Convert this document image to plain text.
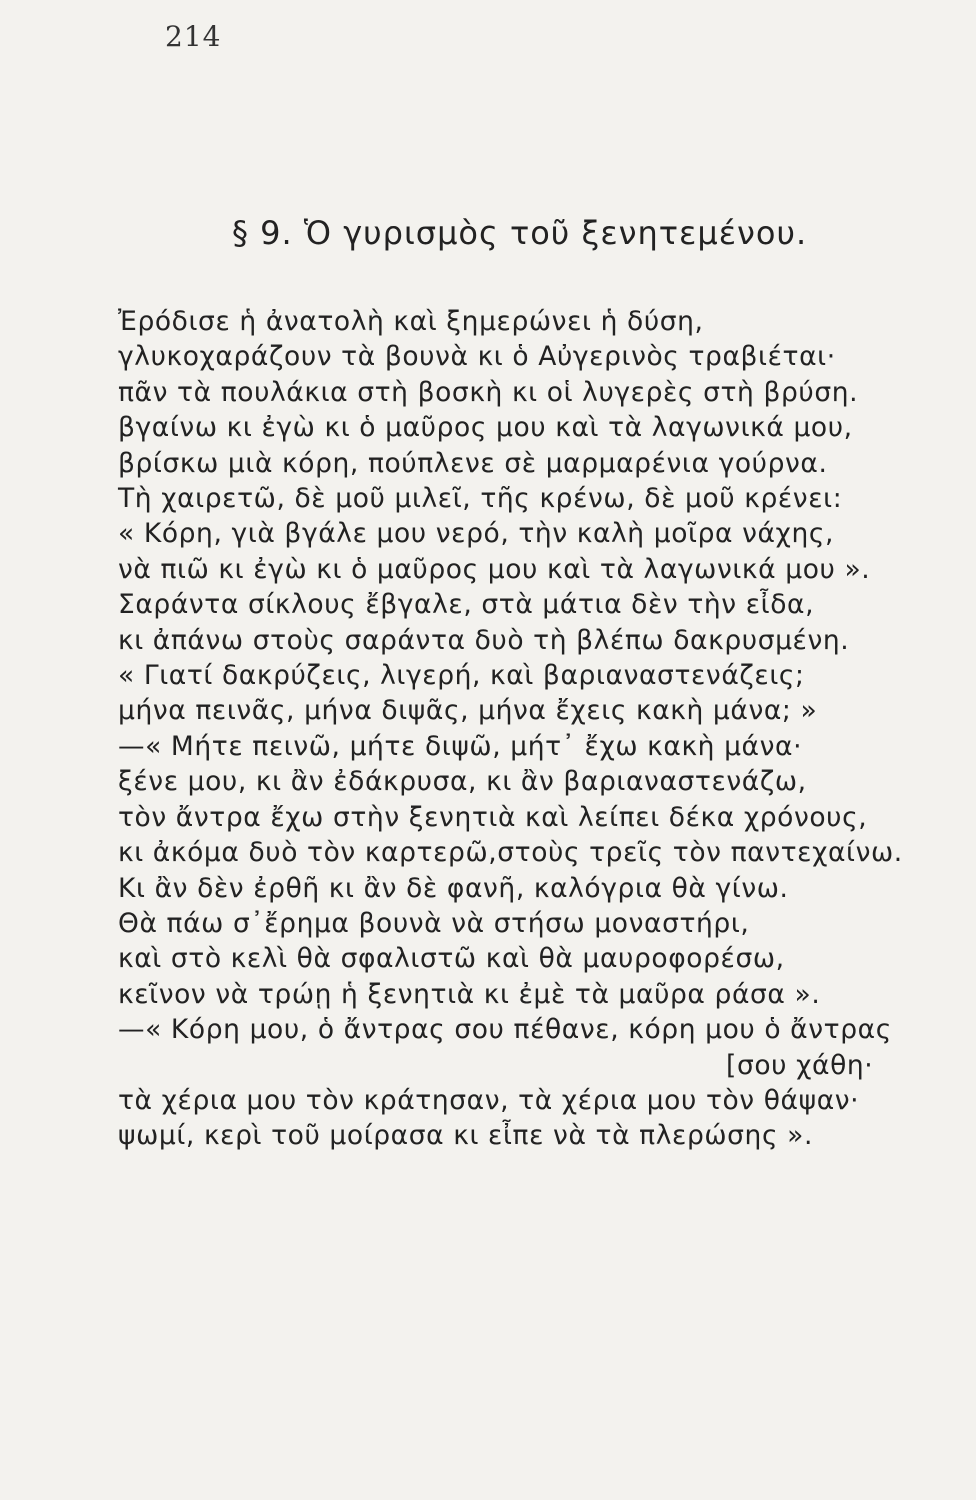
214
§ 9. Ὁ γυρισμὸς τοῦ ξενητεμένου.
Ἐρόδισε ἡ ἀνατολὴ καὶ ξημερώνει ἡ δύση,
γλυκοχαράζουν τὰ βουνὰ κι ὁ Αὐγερινὸς τραβιέται·
πᾶν τὰ πουλάκια στὴ βοσκὴ κι οἱ λυγερὲς στὴ βρύση.
βγαίνω κι ἐγὼ κι ὁ μαῦρος μου καὶ τὰ λαγωνικά μου,
βρίσκω μιὰ κόρη, πούπλενε σὲ μαρμαρένια γούρνα.
Τὴ χαιρετῶ, δὲ μοῦ μιλεῖ, τῆς κρένω, δὲ μοῦ κρένει:
« Κόρη, γιὰ βγάλε μου νερό, τὴν καλὴ μοῖρα νάχης,
νὰ πιῶ κι ἐγὼ κι ὁ μαῦρος μου καὶ τὰ λαγωνικά μου ».
Σαράντα σίκλους ἔβγαλε, στὰ μάτια δὲν τὴν εἶδα,
κι ἀπάνω στοὺς σαράντα δυὸ τὴ βλέπω δακρυσμένη.
« Γιατί δακρύζεις, λιγερή, καὶ βαριαναστενάζεις;
μήνα πεινᾶς, μήνα διψᾶς, μήνα ἔχεις κακὴ μάνα; »
—« Μήτε πεινῶ, μήτε διψῶ, μήτ᾽ ἔχω κακὴ μάνα·
ξένε μου, κι ἂν ἐδάκρυσα, κι ἂν βαριαναστενάζω,
τὸν ἄντρα ἔχω στὴν ξενητιὰ καὶ λείπει δέκα χρόνους,
κι ἀκόμα δυὸ τὸν καρτερῶ,στοὺς τρεῖς τὸν παντεχαίνω.
Κι ἂν δὲν ἐρθῆ κι ἂν δὲ φανῆ, καλόγρια θὰ γίνω.
Θὰ πάω σ᾽ἔρημα βουνὰ νὰ στήσω μοναστήρι,
καὶ στὸ κελὶ θὰ σφαλιστῶ καὶ θὰ μαυροφορέσω,
κεῖνον νὰ τρώῃ ἡ ξενητιὰ κι ἐμὲ τὰ μαῦρα ράσα ».
—« Κόρη μου, ὁ ἄντρας σου πέθανε, κόρη μου ὁ ἄντρας
[σου χάθη·
τὰ χέρια μου τὸν κράτησαν, τὰ χέρια μου τὸν θάψαν·
ψωμί, κερὶ τοῦ μοίρασα κι εἶπε νὰ τὰ πλερώσης ».
